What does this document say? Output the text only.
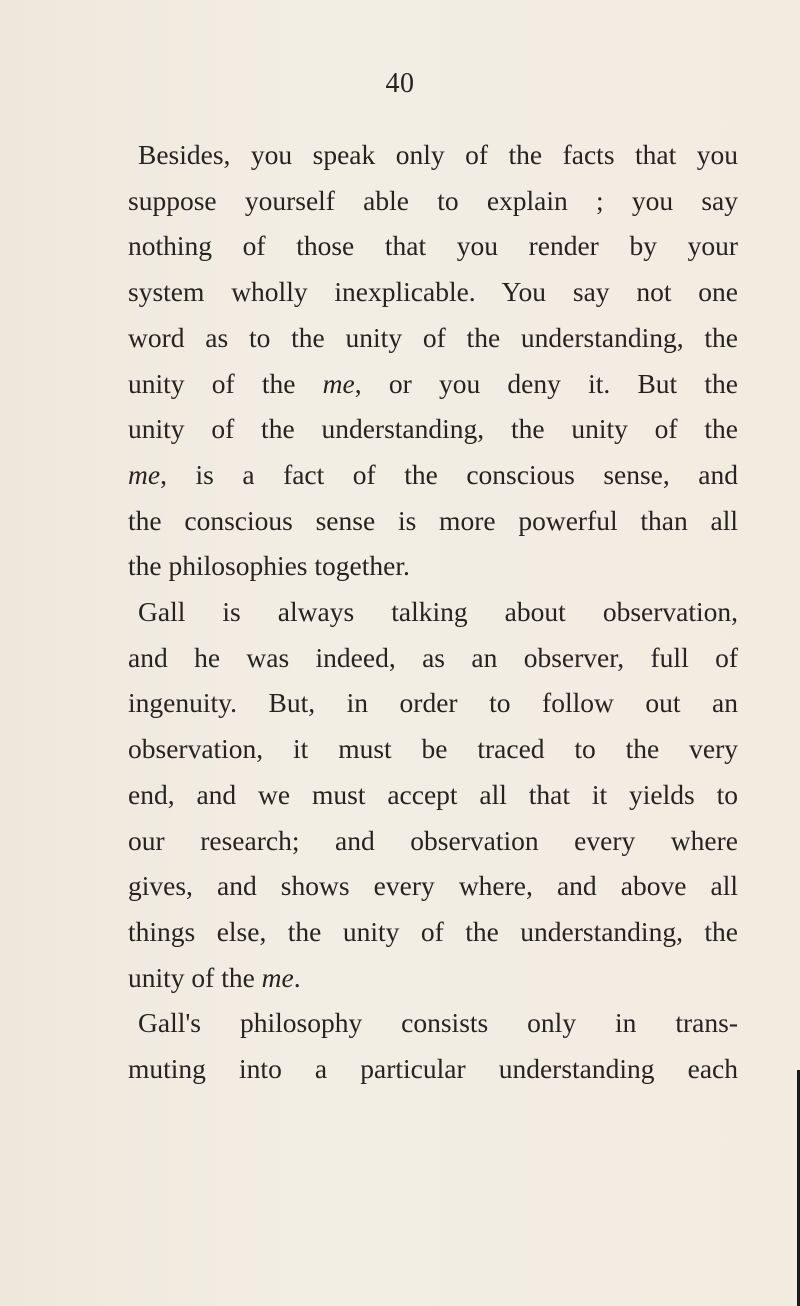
40
Besides, you speak only of the facts that you
suppose yourself able to explain ; you say
nothing of those that you render by your
system wholly inexplicable. You say not one
word as to the unity of the understanding, the
unity of the me, or you deny it. But the
unity of the understanding, the unity of the
me, is a fact of the conscious sense, and
the conscious sense is more powerful than all
the philosophies together.
Gall is always talking about observation,
and he was indeed, as an observer, full of
ingenuity. But, in order to follow out an
observation, it must be traced to the very
end, and we must accept all that it yields to
our research; and observation every where
gives, and shows every where, and above all
things else, the unity of the understanding, the
unity of the me.
Gall's philosophy consists only in trans-
muting into a particular understanding each
